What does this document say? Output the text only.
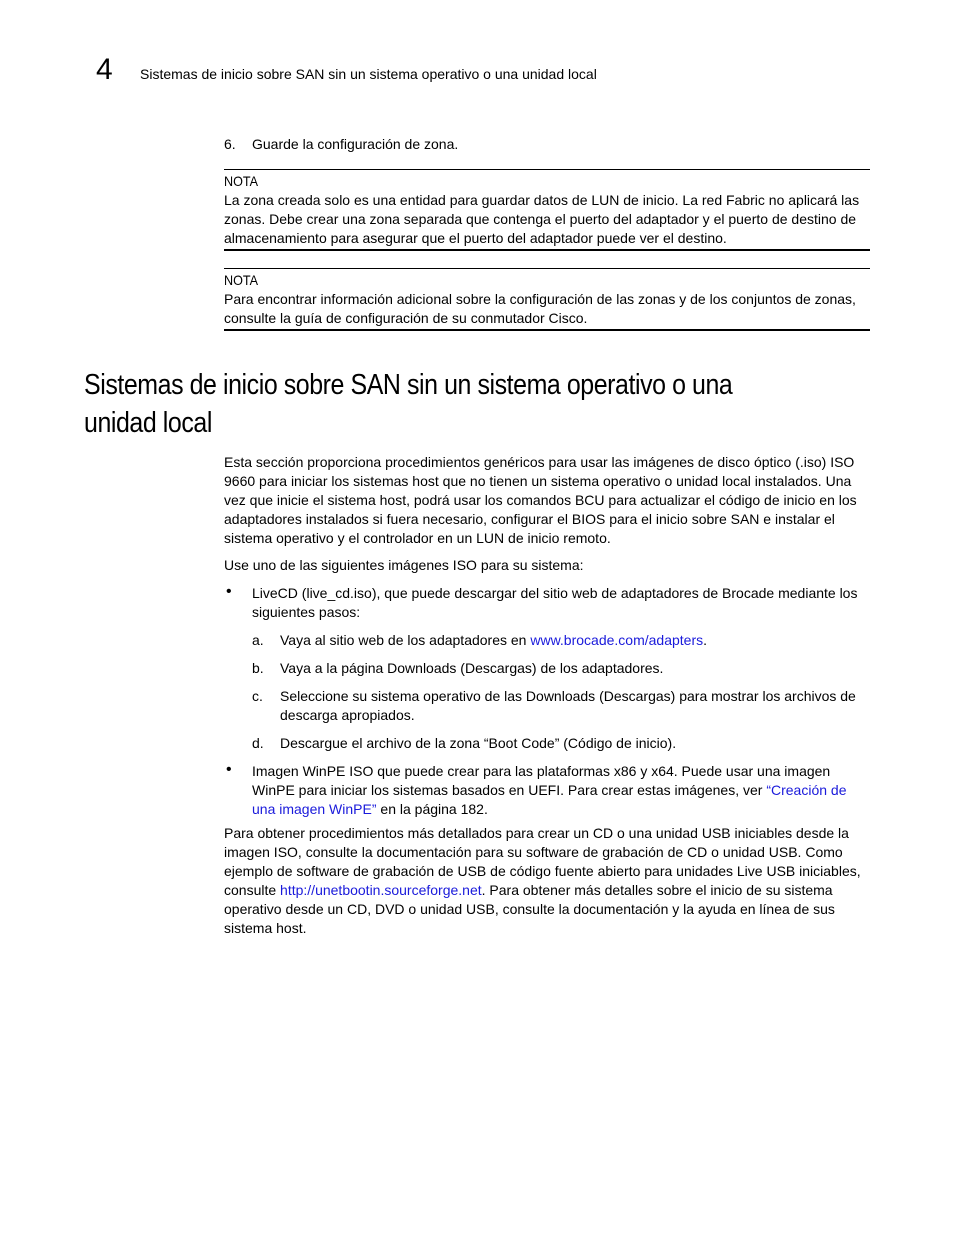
4 Sistemas de inicio sobre SAN sin un sistema operativo o una unidad local
6. Guarde la configuración de zona.
NOTA
La zona creada solo es una entidad para guardar datos de LUN de inicio. La red Fabric no aplicará las zonas. Debe crear una zona separada que contenga el puerto del adaptador y el puerto de destino de almacenamiento para asegurar que el puerto del adaptador puede ver el destino.
NOTA
Para encontrar información adicional sobre la configuración de las zonas y de los conjuntos de zonas, consulte la guía de configuración de su conmutador Cisco.
Sistemas de inicio sobre SAN sin un sistema operativo o una
unidad local
Esta sección proporciona procedimientos genéricos para usar las imágenes de disco óptico (.iso) ISO 9660 para iniciar los sistemas host que no tienen un sistema operativo o unidad local instalados. Una vez que inicie el sistema host, podrá usar los comandos BCU para actualizar el código de inicio en los adaptadores instalados si fuera necesario, configurar el BIOS para el inicio sobre SAN e instalar el sistema operativo y el controlador en un LUN de inicio remoto.
Use uno de las siguientes imágenes ISO para su sistema:
• LiveCD (live_cd.iso), que puede descargar del sitio web de adaptadores de Brocade mediante los siguientes pasos:
a. Vaya al sitio web de los adaptadores en www.brocade.com/adapters.
b. Vaya a la página Downloads (Descargas) de los adaptadores.
c. Seleccione su sistema operativo de las Downloads (Descargas) para mostrar los archivos de descarga apropiados.
d. Descargue el archivo de la zona “Boot Code” (Código de inicio).
• Imagen WinPE ISO que puede crear para las plataformas x86 y x64. Puede usar una imagen WinPE para iniciar los sistemas basados en UEFI. Para crear estas imágenes, ver “Creación de una imagen WinPE” en la página 182.
Para obtener procedimientos más detallados para crear un CD o una unidad USB iniciables desde la imagen ISO, consulte la documentación para su software de grabación de CD o unidad USB. Como ejemplo de software de grabación de USB de código fuente abierto para unidades Live USB iniciables, consulte http://unetbootin.sourceforge.net. Para obtener más detalles sobre el inicio de su sistema operativo desde un CD, DVD o unidad USB, consulte la documentación y la ayuda en línea de sus sistema host.
